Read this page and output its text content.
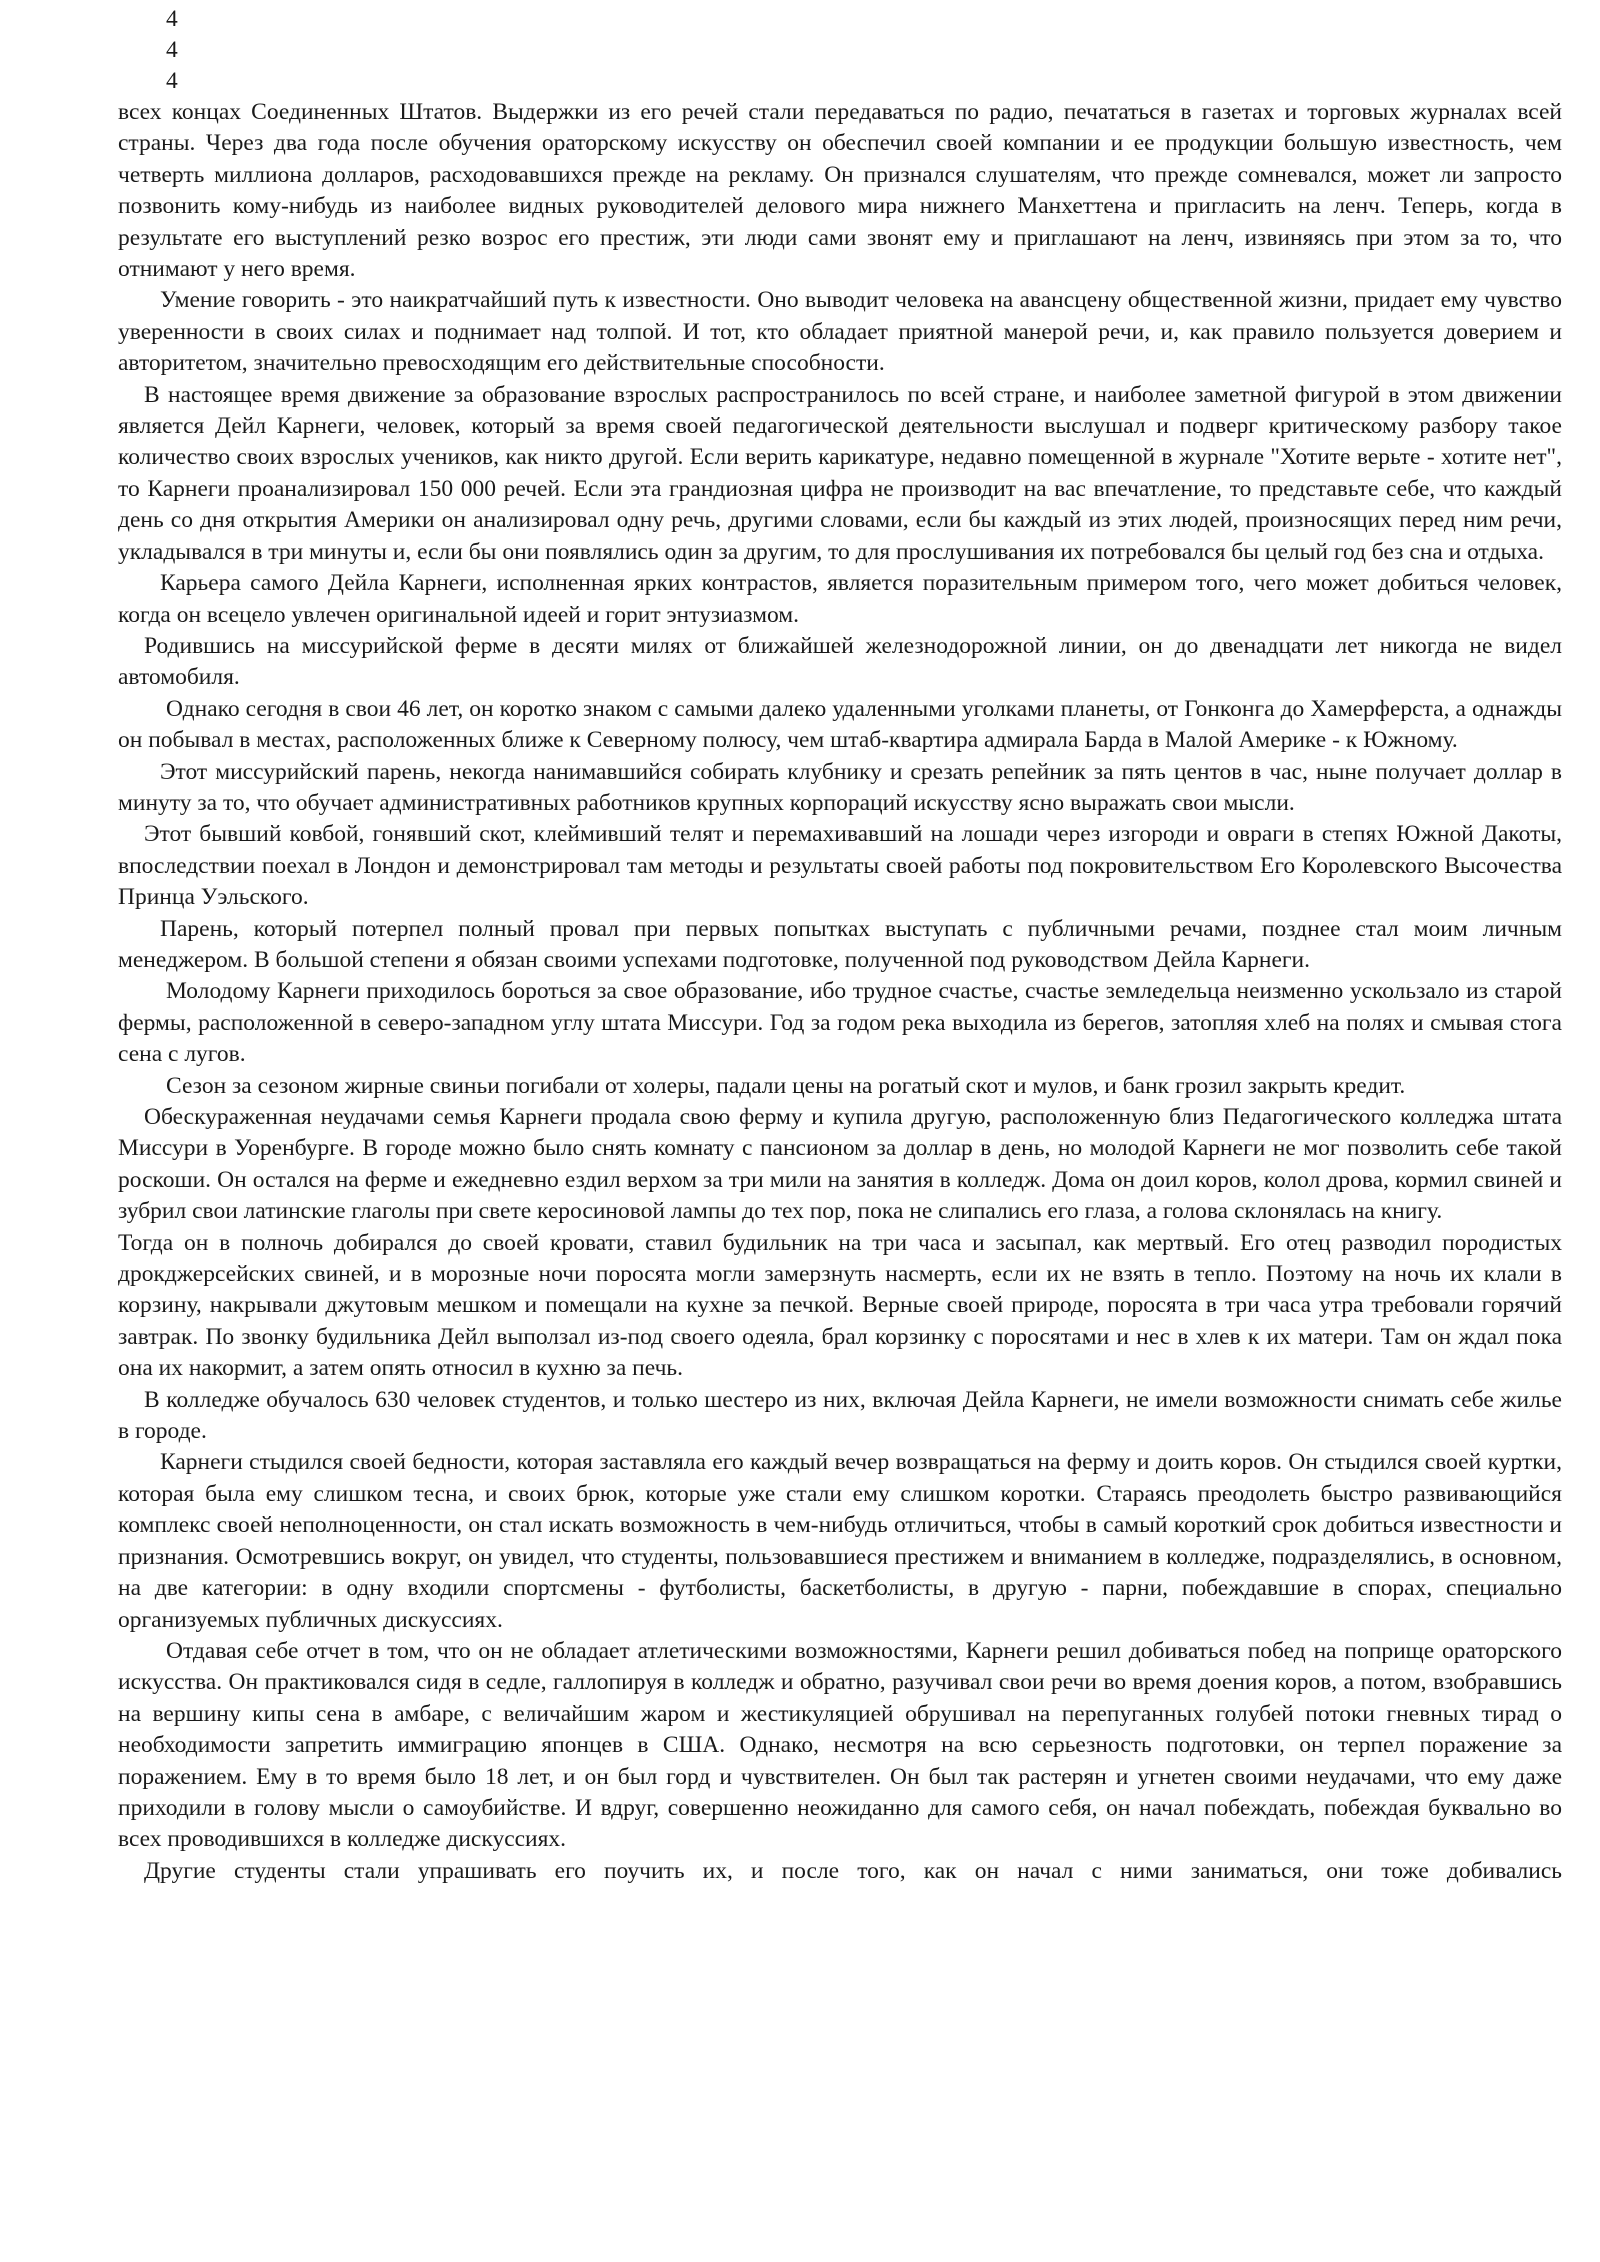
4
4
4

всех концах Соединенных Штатов. Выдержки из его речей стали передаваться по радио, печататься в газетах и торговых журналах всей страны. Через два года после обучения ораторскому искусству он обеспечил своей компании и ее продукции большую известность, чем четверть миллиона долларов, расходовавшихся прежде на рекламу. Он признался слушателям, что прежде сомневался, может ли запросто позвонить кому-нибудь из наиболее видных руководителей делового мира нижнего Манхеттена и пригласить на ленч. Теперь, когда в результате его выступлений резко возрос его престиж, эти люди сами звонят ему и приглашают на ленч, извиняясь при этом за то, что отнимают у него время.

Умение говорить - это наикратчайший путь к известности. Оно выводит человека на авансцену общественной жизни, придает ему чувство уверенности в своих силах и поднимает над толпой. И тот, кто обладает приятной манерой речи, и, как правило пользуется доверием и авторитетом, значительно превосходящим его действительные способности.

В настоящее время движение за образование взрослых распространилось по всей стране, и наиболее заметной фигурой в этом движении является Дейл Карнеги, человек, который за время своей педагогической деятельности выслушал и подверг критическому разбору такое количество своих взрослых учеников, как никто другой. Если верить карикатуре, недавно помещенной в журнале "Хотите верьте - хотите нет", то Карнеги проанализировал 150 000 речей. Если эта грандиозная цифра не производит на вас впечатление, то представьте себе, что каждый день со дня открытия Америки он анализировал одну речь, другими словами, если бы каждый из этих людей, произносящих перед ним речи, укладывался в три минуты и, если бы они появлялись один за другим, то для прослушивания их потребовался бы целый год без сна и отдыха.

Карьера самого Дейла Карнеги, исполненная ярких контрастов, является поразительным примером того, чего может добиться человек, когда он всецело увлечен оригинальной идеей и горит энтузиазмом.

Родившись на миссурийской ферме в десяти милях от ближайшей железнодорожной линии, он до двенадцати лет никогда не видел автомобиля.

Однако сегодня в свои 46 лет, он коротко знаком с самыми далеко удаленными уголками планеты, от Гонконга до Хамерферста, а однажды он побывал в местах, расположенных ближе к Северному полюсу, чем штаб-квартира адмирала Барда в Малой Америке - к Южному.

Этот миссурийский парень, некогда нанимавшийся собирать клубнику и срезать репейник за пять центов в час, ныне получает доллар в минуту за то, что обучает административных работников крупных корпораций искусству ясно выражать свои мысли.

Этот бывший ковбой, гонявший скот, клеймивший телят и перемахивавший на лошади через изгороди и овраги в степях Южной Дакоты, впоследствии поехал в Лондон и демонстрировал там методы и результаты своей работы под покровительством Его Королевского Высочества Принца Уэльского.

Парень, который потерпел полный провал при первых попытках выступать с публичными речами, позднее стал моим личным менеджером. В большой степени я обязан своими успехами подготовке, полученной под руководством Дейла Карнеги.

Молодому Карнеги приходилось бороться за свое образование, ибо трудное счастье, счастье земледельца неизменно ускользало из старой фермы, расположенной в северо-западном углу штата Миссури. Год за годом река выходила из берегов, затопляя хлеб на полях и смывая стога сена с лугов.

Сезон за сезоном жирные свиньи погибали от холеры, падали цены на рогатый скот и мулов, и банк грозил закрыть кредит.

Обескураженная неудачами семья Карнеги продала свою ферму и купила другую, расположенную близ Педагогического колледжа штата Миссури в Уоренбурге. В городе можно было снять комнату с пансионом за доллар в день, но молодой Карнеги не мог позволить себе такой роскоши. Он остался на ферме и ежедневно ездил верхом за три мили на занятия в колледж. Дома он доил коров, колол дрова, кормил свиней и зубрил свои латинские глаголы при свете керосиновой лампы до тех пор, пока не слипались его глаза, а голова склонялась на книгу.

Тогда он в полночь добирался до своей кровати, ставил будильник на три часа и засыпал, как мертвый. Его отец разводил породистых дрокджерсейских свиней, и в морозные ночи поросята могли замерзнуть насмерть, если их не взять в тепло. Поэтому на ночь их клали в корзину, накрывали джутовым мешком и помещали на кухне за печкой. Верные своей природе, поросята в три часа утра требовали горячий завтрак. По звонку будильника Дейл выползал из-под своего одеяла, брал корзинку с поросятами и нес в хлев к их матери. Там он ждал пока она их накормит, а затем опять относил в кухню за печь.

В колледже обучалось 630 человек студентов, и только шестеро из них, включая Дейла Карнеги, не имели возможности снимать себе жилье в городе.

Карнеги стыдился своей бедности, которая заставляла его каждый вечер возвращаться на ферму и доить коров. Он стыдился своей куртки, которая была ему слишком тесна, и своих брюк, которые уже стали ему слишком коротки. Стараясь преодолеть быстро развивающийся комплекс своей неполноценности, он стал искать возможность в чем-нибудь отличиться, чтобы в самый короткий срок добиться известности и признания. Осмотревшись вокруг, он увидел, что студенты, пользовавшиеся престижем и вниманием в колледже, подразделялись, в основном, на две категории: в одну входили спортсмены - футболисты, баскетболисты, в другую - парни, побеждавшие в спорах, специально организуемых публичных дискуссиях.

Отдавая себе отчет в том, что он не обладает атлетическими возможностями, Карнеги решил добиваться побед на поприще ораторского искусства. Он практиковался сидя в седле, галлопируя в колледж и обратно, разучивал свои речи во время доения коров, а потом, взобравшись на вершину кипы сена в амбаре, с величайшим жаром и жестикуляцией обрушивал на перепуганных голубей потоки гневных тирад о необходимости запретить иммиграцию японцев в США. Однако, несмотря на всю серьезность подготовки, он терпел поражение за поражением. Ему в то время было 18 лет, и он был горд и чувствителен. Он был так растерян и угнетен своими неудачами, что ему даже приходили в голову мысли о самоубийстве. И вдруг, совершенно неожиданно для самого себя, он начал побеждать, побеждая буквально во всех проводившихся в колледже дискуссиях.

Другие студенты стали упрашивать его поучить их, и после того, как он начал с ними заниматься, они тоже добивались
